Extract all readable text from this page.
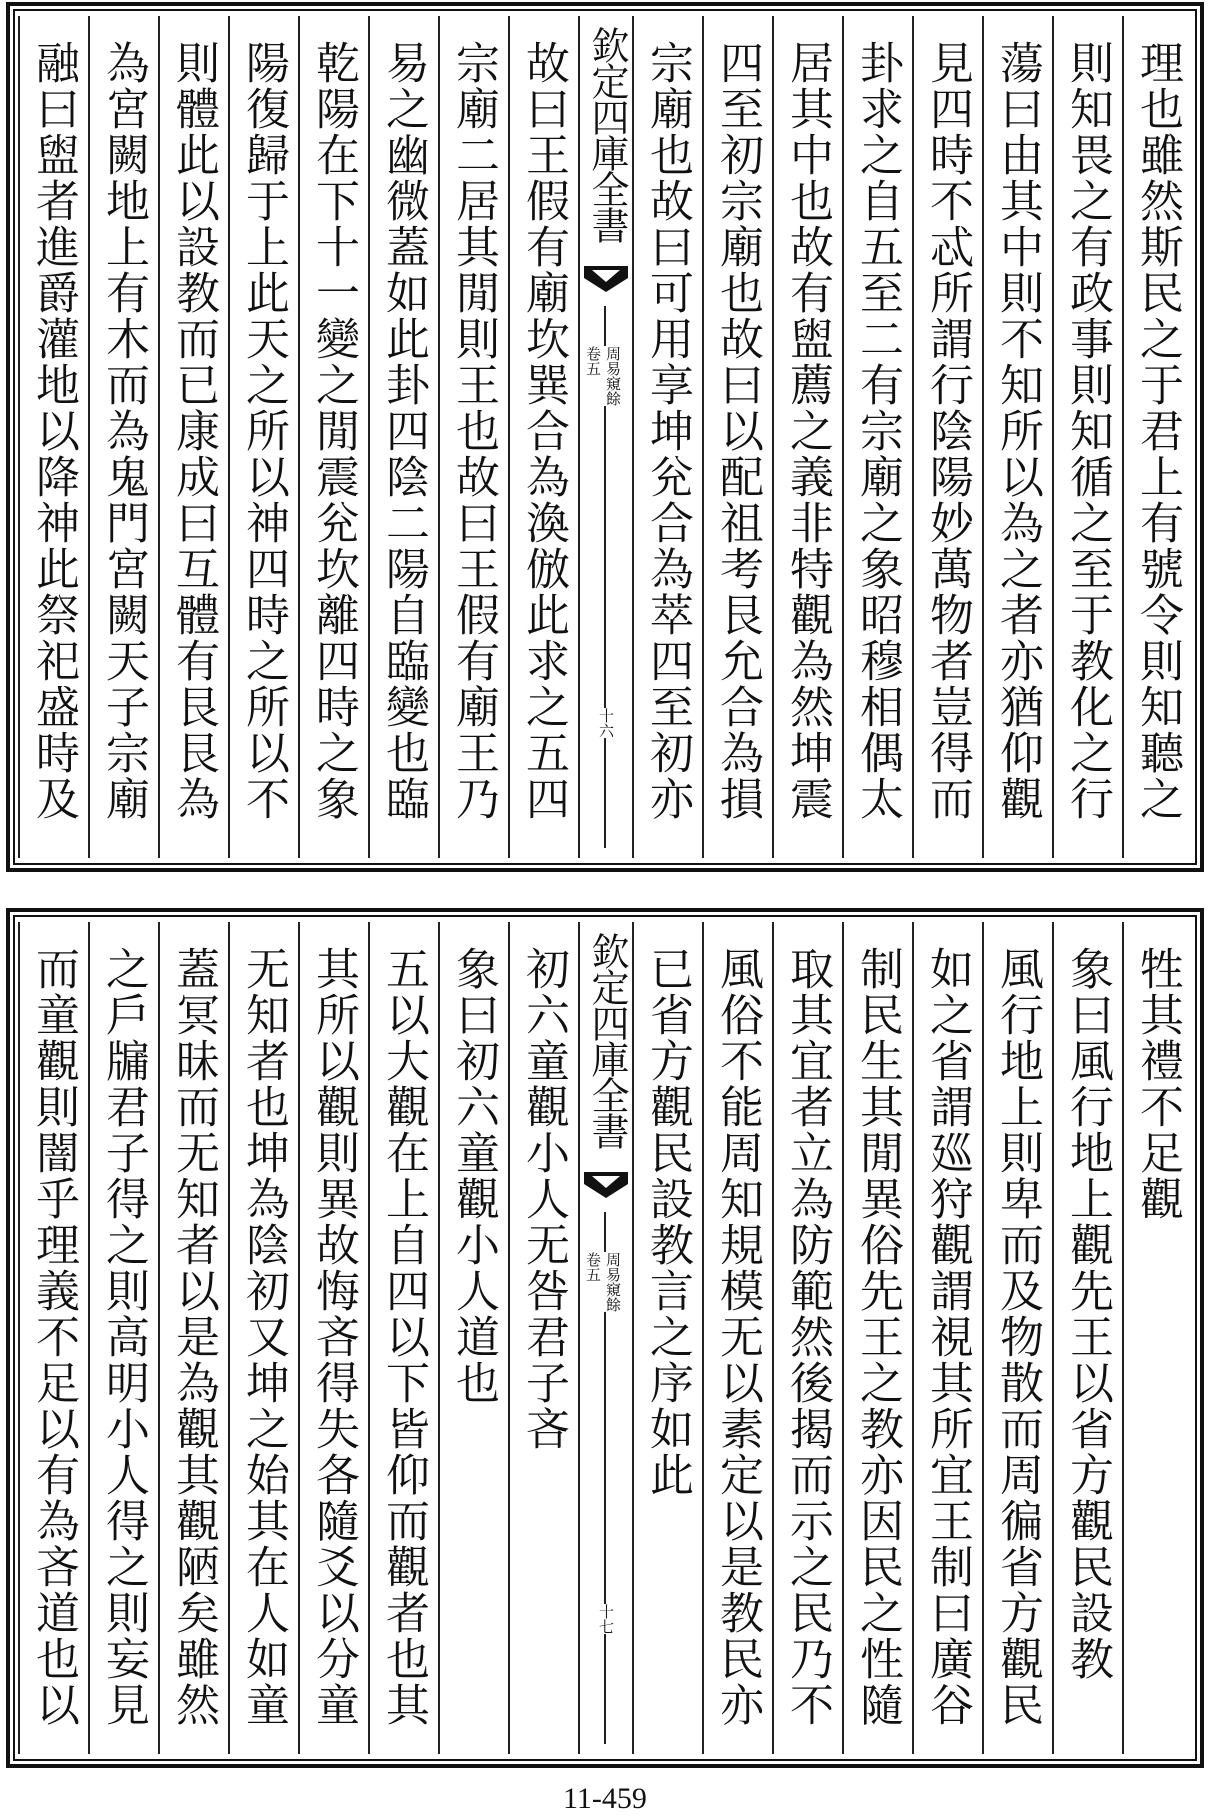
理也雖然斯民之于君上有號令則知聽之
則知畏之有政事則知循之至于教化之行
蕩曰由其中則不知所以為之者亦猶仰觀
見四時不忒所謂行陰陽妙萬物者豈得而
卦求之自五至二有宗廟之象昭穆相偶太
居其中也故有盥薦之義非特觀為然坤震
四至初宗廟也故曰以配祖考艮允合為損
宗廟也故曰可用享坤兊合為萃四至初亦
欽定四庫全書
周易窺餘
卷五
十六
故曰王假有廟坎巽合為渙倣此求之五四
宗廟二居其閒則王也故曰王假有廟王乃
易之幽微蓋如此卦四陰二陽自臨變也臨
乾陽在下十一變之閒震兊坎離四時之象
陽復歸于上此天之所以神四時之所以不
則體此以設教而已康成曰互體有艮艮為
為宮闕地上有木而為鬼門宮闕天子宗廟
融曰盥者進爵灌地以降神此祭祀盛時及
牲其禮不足觀
象曰風行地上觀先王以省方觀民設教
風行地上則卑而及物散而周徧省方觀民
如之省謂廵狩觀謂視其所宜王制曰廣谷
制民生其閒異俗先王之教亦因民之性隨
取其宜者立為防範然後揭而示之民乃不
風俗不能周知規模无以素定以是教民亦
已省方觀民設教言之序如此
欽定四庫全書
周易窺餘
卷五
十七
初六童觀小人无咎君子吝
象曰初六童觀小人道也
五以大觀在上自四以下皆仰而觀者也其
其所以觀則異故悔吝得失各隨爻以分童
无知者也坤為陰初又坤之始其在人如童
蓋冥昧而无知者以是為觀其觀陋矣雖然
之戶牖君子得之則高明小人得之則妄見
而童觀則闇乎理義不足以有為吝道也以
11-459
